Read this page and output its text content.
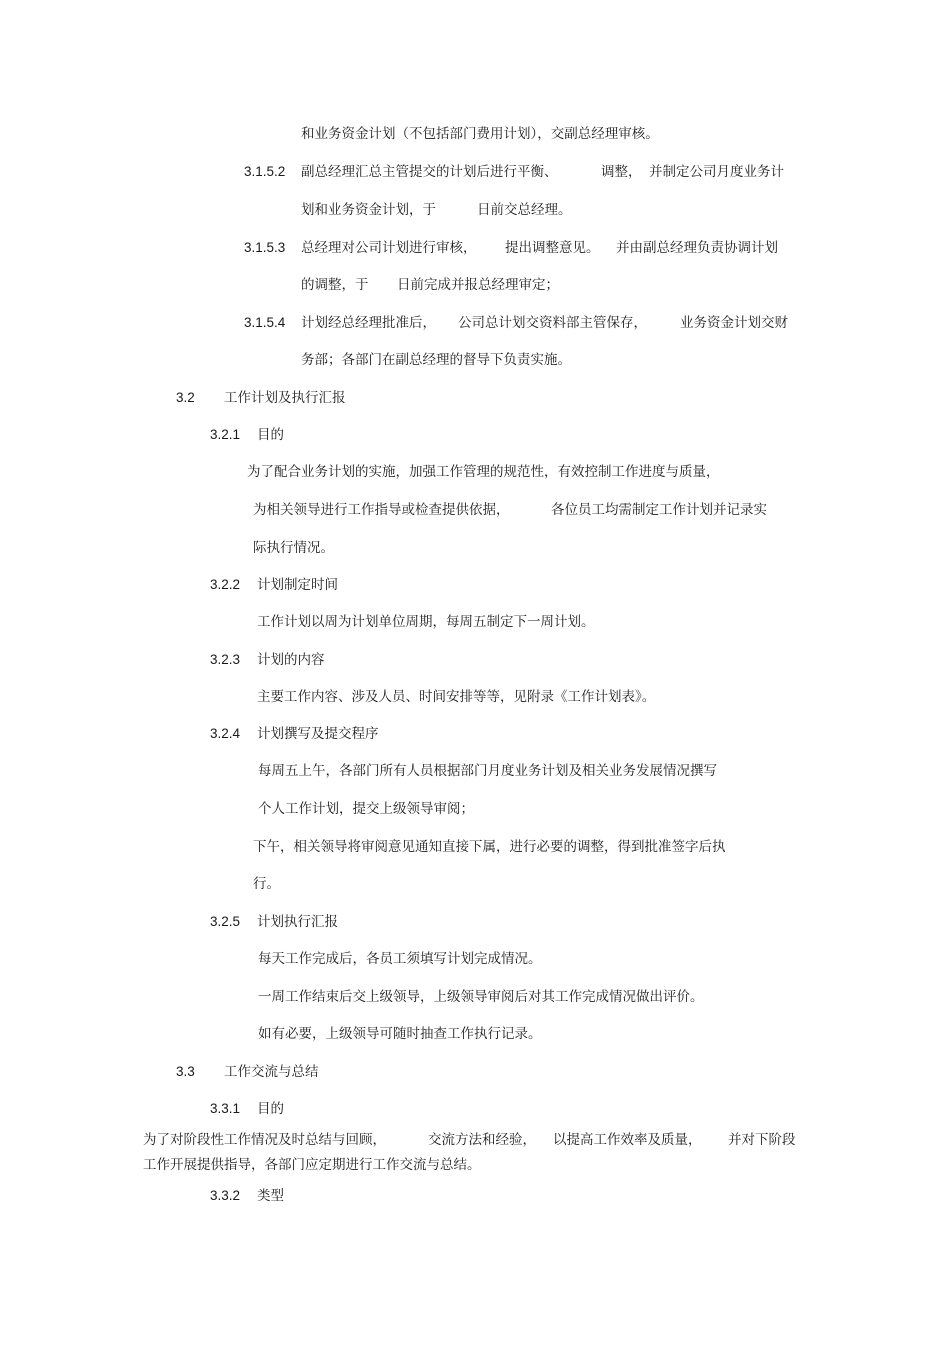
和业务资金计划（不包括部门费用计划），交副总经理审核。
3.1.5.2 副总经理汇总主管提交的计划后进行平衡、	调整， 并制定公司月度业务计
划和业务资金计划，于	日前交总经理。
3.1.5.3 总经理对公司计划进行审核， 提出调整意见。 并由副总经理负责协调计划
的调整，于 日前完成并报总经理审定；
3.1.5.4 计划经总经理批准后， 公司总计划交资料部主管保存， 业务资金计划交财
务部；各部门在副总经理的督导下负责实施。
3.2 工作计划及执行汇报
3.2.1 目的
为了配合业务计划的实施，加强工作管理的规范性，有效控制工作进度与质量，
为相关领导进行工作指导或检查提供依据，	各位员工均需制定工作计划并记录实
际执行情况。
3.2.2 计划制定时间
工作计划以周为计划单位周期，每周五制定下一周计划。
3.2.3 计划的内容
主要工作内容、涉及人员、时间安排等等，见附录《工作计划表》。
3.2.4 计划撰写及提交程序
每周五上午，各部门所有人员根据部门月度业务计划及相关业务发展情况撰写
个人工作计划，提交上级领导审阅；
下午，相关领导将审阅意见通知直接下属，进行必要的调整，得到批准签字后执
行。
3.2.5 计划执行汇报
每天工作完成后，各员工须填写计划完成情况。
一周工作结束后交上级领导，上级领导审阅后对其工作完成情况做出评价。
如有必要，上级领导可随时抽查工作执行记录。
3.3 工作交流与总结
3.3.1 目的
为了对阶段性工作情况及时总结与回顾，	交流方法和经验， 以提高工作效率及质量， 并对下阶段
工作开展提供指导，各部门应定期进行工作交流与总结。
3.3.2 类型
